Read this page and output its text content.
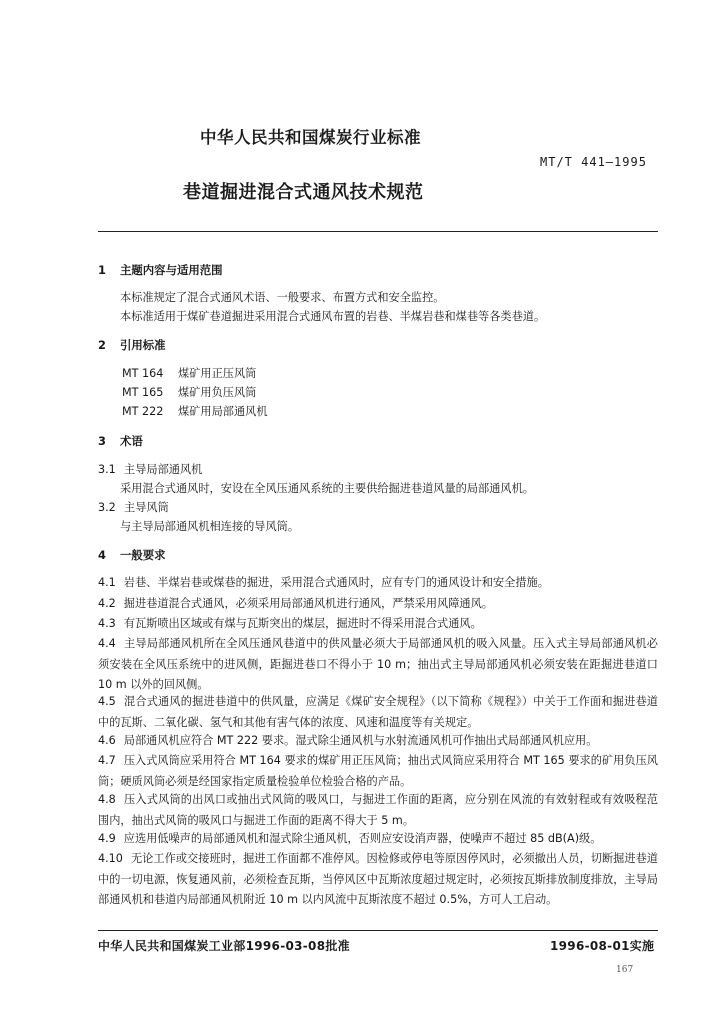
中华人民共和国煤炭行业标准
MT/T 441—1995
巷道掘进混合式通风技术规范
1 主题内容与适用范围
本标准规定了混合式通风术语、一般要求、布置方式和安全监控。
本标准适用于煤矿巷道掘进采用混合式通风布置的岩巷、半煤岩巷和煤巷等各类巷道。
2 引用标准
MT 164 煤矿用正压风筒
MT 165 煤矿用负压风筒
MT 222 煤矿用局部通风机
3 术语
3.1 主导局部通风机
采用混合式通风时，安设在全风压通风系统的主要供给掘进巷道风量的局部通风机。
3.2 主导风筒
与主导局部通风机相连接的导风筒。
4 一般要求
4.1 岩巷、半煤岩巷或煤巷的掘进，采用混合式通风时，应有专门的通风设计和安全措施。
4.2 掘进巷道混合式通风，必须采用局部通风机进行通风，严禁采用风障通风。
4.3 有瓦斯喷出区域或有煤与瓦斯突出的煤层，掘进时不得采用混合式通风。
4.4 主导局部通风机所在全风压通风巷道中的供风量必须大于局部通风机的吸入风量。压入式主导局部通风机必须安装在全风压系统中的进风侧，距掘进巷口不得小于 10 m；抽出式主导局部通风机必须安装在距掘进巷道口 10 m 以外的回风侧。
4.5 混合式通风的掘进巷道中的供风量，应满足《煤矿安全规程》（以下简称《规程》）中关于工作面和掘进巷道中的瓦斯、二氧化碳、氢气和其他有害气体的浓度、风速和温度等有关规定。
4.6 局部通风机应符合 MT 222 要求。湿式除尘通风机与水射流通风机可作抽出式局部通风机应用。
4.7 压入式风筒应采用符合 MT 164 要求的煤矿用正压风筒；抽出式风筒应采用符合 MT 165 要求的矿用负压风筒；硬质风筒必须是经国家指定质量检验单位检验合格的产品。
4.8 压入式风筒的出风口或抽出式风筒的吸风口，与掘进工作面的距离，应分别在风流的有效射程或有效吸程范围内，抽出式风筒的吸风口与掘进工作面的距离不得大于 5 m。
4.9 应选用低噪声的局部通风机和湿式除尘通风机，否则应安设消声器，使噪声不超过 85 dB(A)级。
4.10 无论工作或交接班时，掘进工作面都不准停风。因检修或停电等原因停风时，必须撤出人员，切断掘进巷道中的一切电源，恢复通风前，必须检查瓦斯，当停风区中瓦斯浓度超过规定时，必须按瓦斯排放制度排放，主导局部通风机和巷道内局部通风机附近 10 m 以内风流中瓦斯浓度不超过 0.5%，方可人工启动。
中华人民共和国煤炭工业部1996-03-08批准	1996-08-01实施
167
